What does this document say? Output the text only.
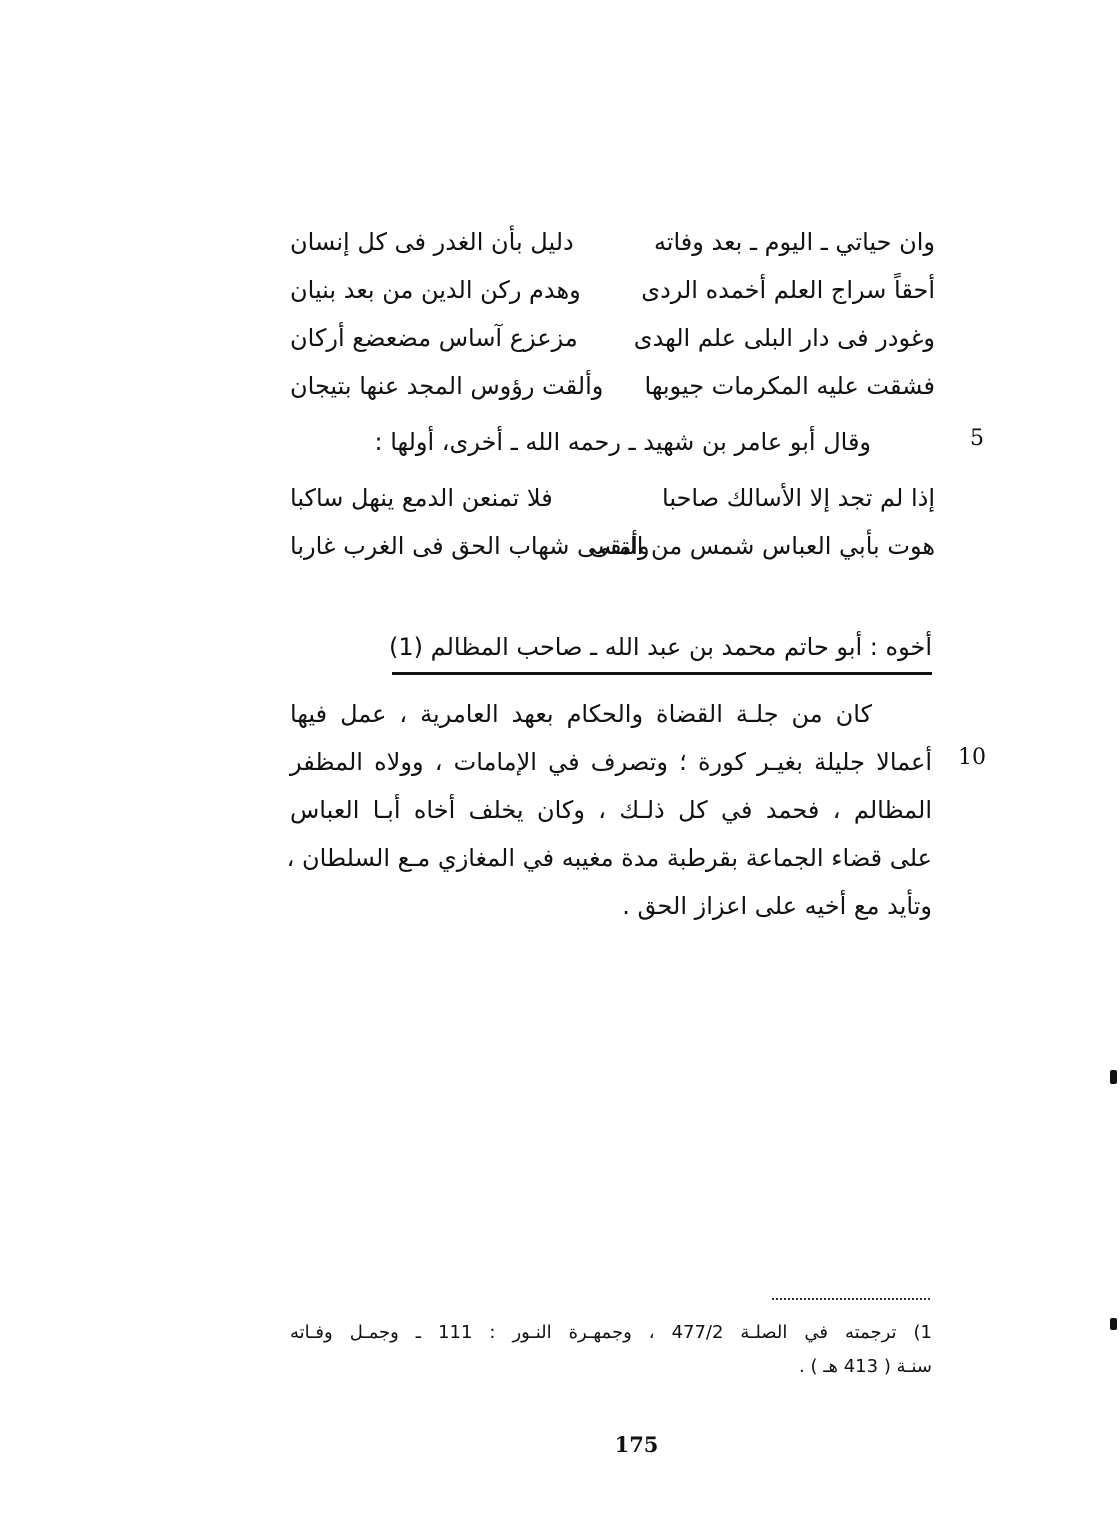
وان حياتي ـ اليوم ـ بعد وفاته
دليل بأن الغدر فى كل إنسان
أحقاً سراج العلم أخمده الردى
وهدم ركن الدين من بعد بنيان
وغودر فى دار البلى علم الهدى
مزعزع آساس مضعضع أركان
فشقت عليه المكرمات جيوبها
وألقت رؤوس المجد عنها بتيجان
5
وقال أبو عامر بن شهيد ـ رحمه الله ـ أخرى، أولها :
إذا لم تجد إلا الأسالك صاحبا
فلا تمنعن الدمع ينهل ساكبا
هوت بأبي العباس شمس من التقى
وأمسى شهاب الحق فى الغرب غاربا
أخوه : أبو حاتم محمد بن عبد الله ـ صاحب المظالم (1)
كان من جلـة القضاة والحكام بعهد العامرية ، عمل فيها
أعمالا جليلة بغيـر كورة ؛ وتصرف في الإمامات ، وولاه المظفر
المظالم ، فحمد في كل ذلـك ، وكان يخلف أخاه أبـا العباس
على قضاء الجماعة بقرطبة مدة مغيبه في المغازي مـع السلطان ،
وتأيد مع أخيه على اعزاز الحق .
10
1) ترجمته في الصلـة 477/2 ، وجمهـرة النـور : 111 ـ وجمـل وفـاته
سنـة ( 413 هـ ) .
175
